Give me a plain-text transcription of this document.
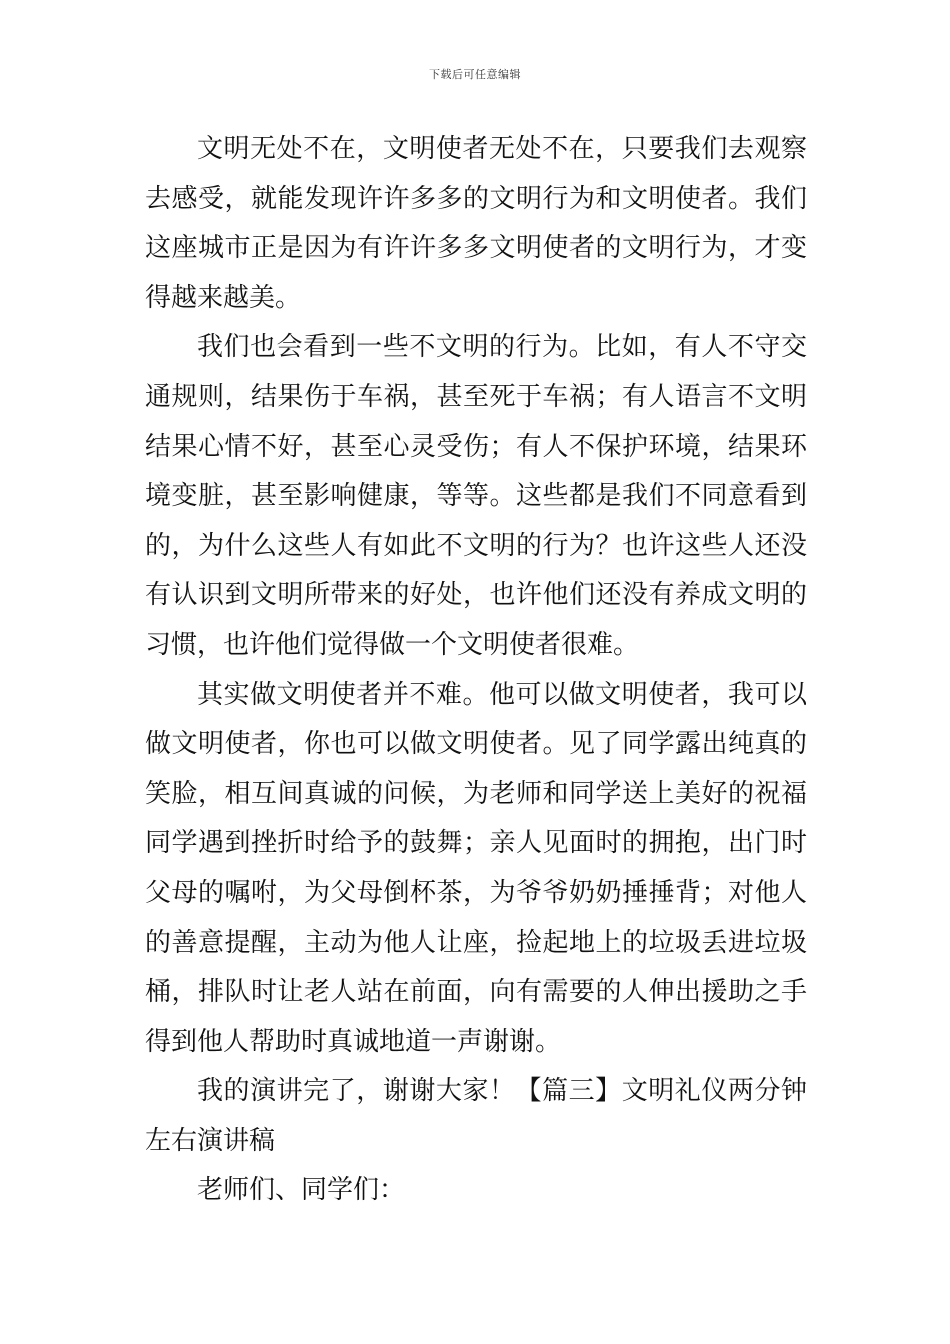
下载后可任意编辑

文明无处不在，文明使者无处不在，只要我们去观察去感受，就能发现许许多多的文明行为和文明使者。我们这座城市正是因为有许许多多文明使者的文明行为，才变得越来越美。

我们也会看到一些不文明的行为。比如，有人不守交通规则，结果伤于车祸，甚至死于车祸；有人语言不文明结果心情不好，甚至心灵受伤；有人不保护环境，结果环境变脏，甚至影响健康，等等。这些都是我们不同意看到的，为什么这些人有如此不文明的行为？也许这些人还没有认识到文明所带来的好处，也许他们还没有养成文明的习惯，也许他们觉得做一个文明使者很难。

其实做文明使者并不难。他可以做文明使者，我可以做文明使者，你也可以做文明使者。见了同学露出纯真的笑脸，相互间真诚的问候，为老师和同学送上美好的祝福同学遇到挫折时给予的鼓舞；亲人见面时的拥抱，出门时父母的嘱咐，为父母倒杯茶，为爷爷奶奶捶捶背；对他人的善意提醒，主动为他人让座，捡起地上的垃圾丢进垃圾桶，排队时让老人站在前面，向有需要的人伸出援助之手得到他人帮助时真诚地道一声谢谢。

我的演讲完了，谢谢大家！【篇三】文明礼仪两分钟左右演讲稿

老师们、同学们：
